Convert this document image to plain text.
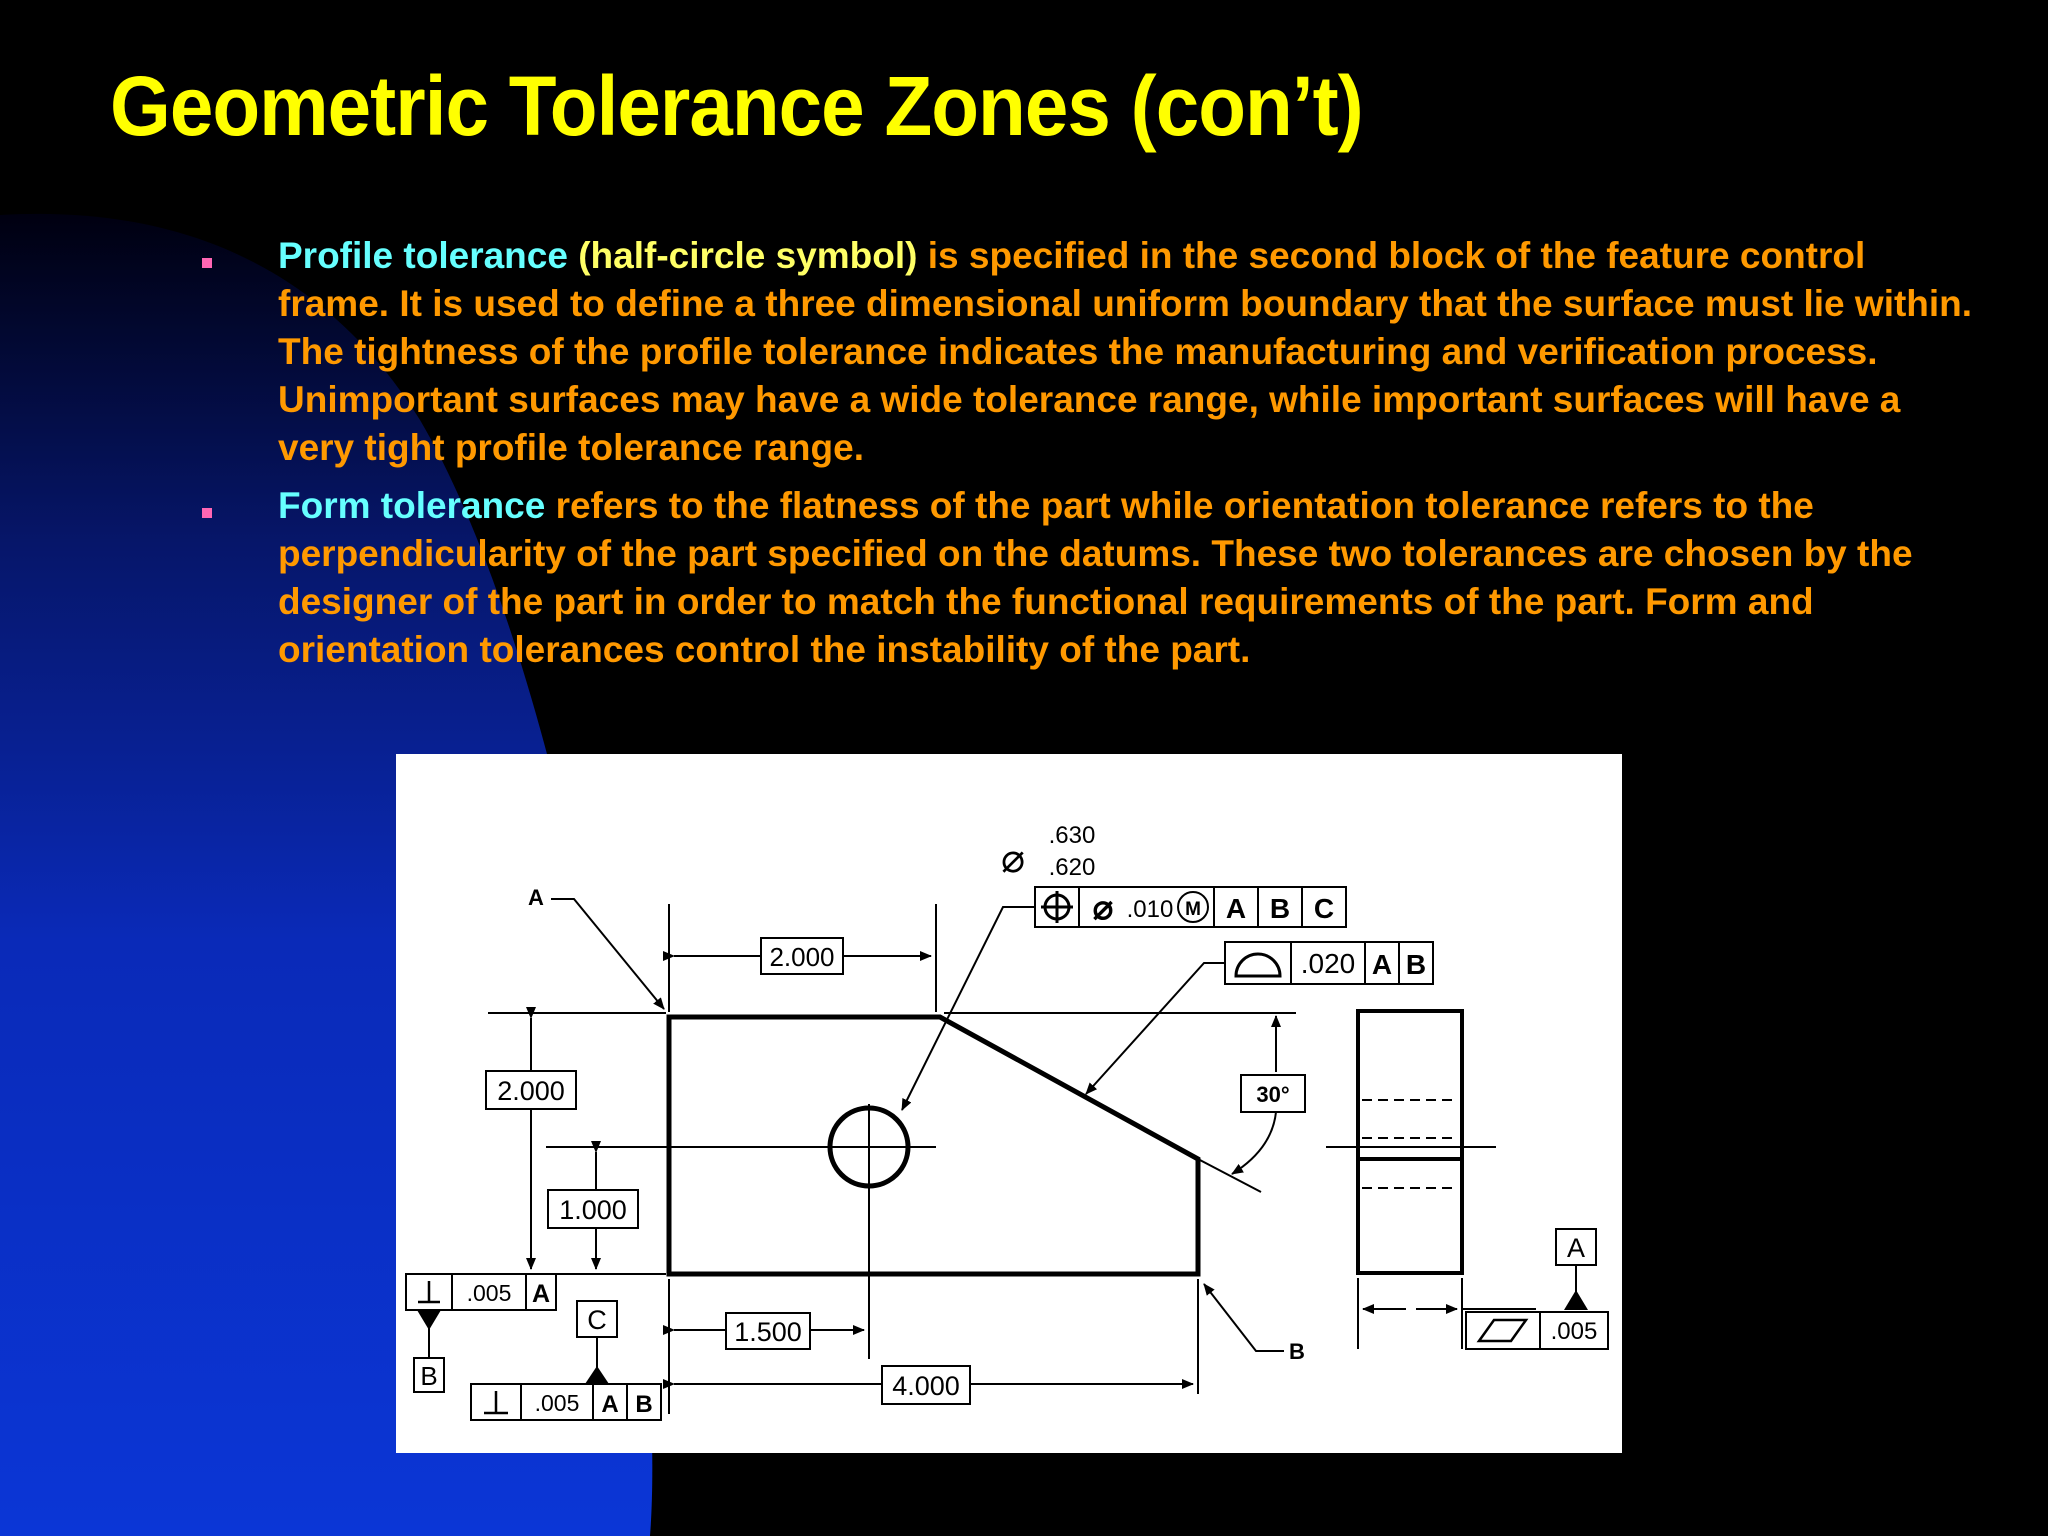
Geometric Tolerance Zones (con’t)
Profile tolerance (half-circle symbol) is specified in the second block of the feature control frame. It is used to define a three dimensional uniform boundary that the surface must lie within. The tightness of the profile tolerance indicates the manufacturing and verification process. Unimportant surfaces may have a wide tolerance range, while important surfaces will have a very tight profile tolerance range.
Form tolerance refers to the flatness of the part while orientation tolerance refers to the perpendicularity of the part specified on the datums. These two tolerances are chosen by the designer of the part in order to match the functional requirements of the part. Form and orientation tolerances control the instability of the part.
2.000
2.000
1.000
1.500
4.000
A
B
⌀
.630
.620
⌀ .010 M A B C
.020 A B
30°
.005 A
B
C
.005 A B
A
.005
